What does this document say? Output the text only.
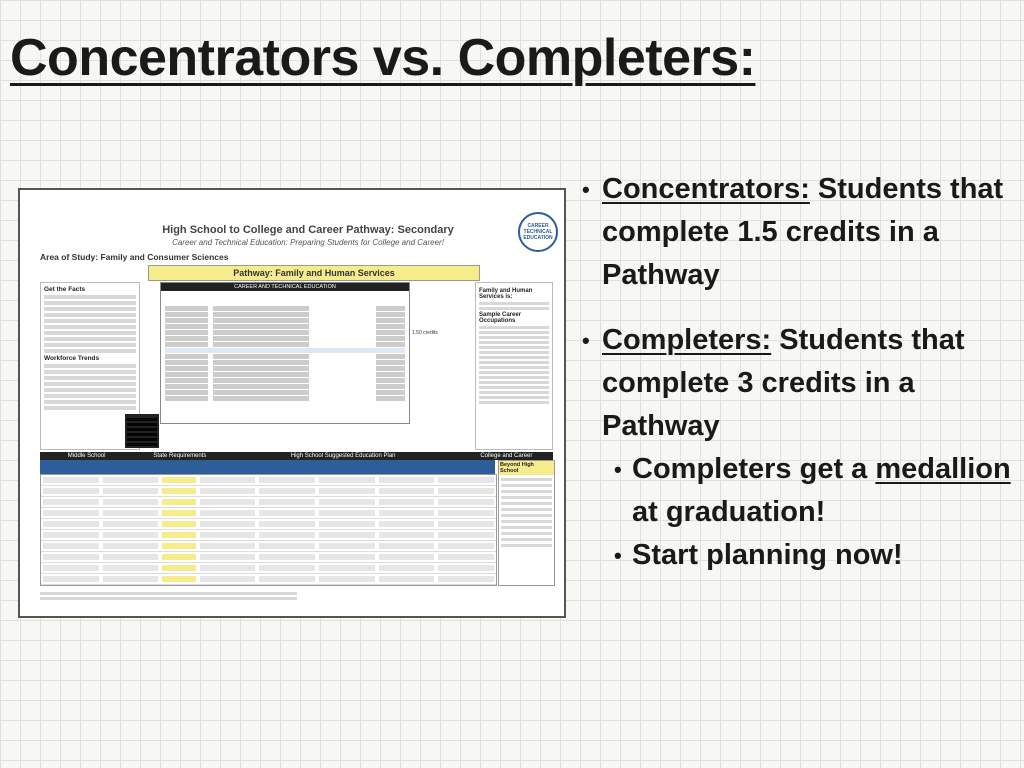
Concentrators vs. Completers:
High School to College and Career Pathway: Secondary
Career and Technical Education: Preparing Students for College and Career!
CAREER TECHNICAL EDUCATION
Area of Study: Family and Consumer Sciences
Pathway: Family and Human Services
Get the Facts
Workforce Trends
CAREER AND TECHNICAL EDUCATION
1.50 credits
Family and Human Services is:
Sample Career Occupations
Middle School	State Requirements	High School Suggested Education Plan	College and Career
Beyond High School
• Concentrators: Students that complete 1.5 credits in a Pathway
• Completers: Students that complete 3 credits in a Pathway
• Completers get a medallion at graduation!
• Start planning now!
